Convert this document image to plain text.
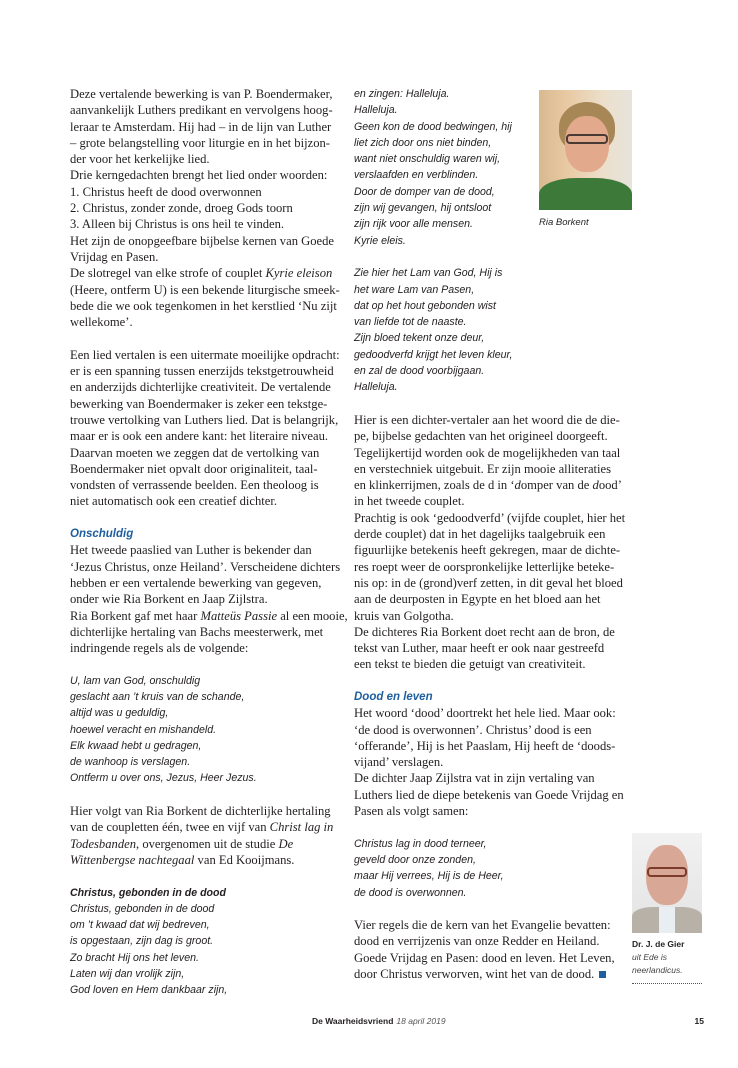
Deze vertalende bewerking is van P. Boendermaker,
aanvankelijk Luthers predikant en vervolgens hoog-
leraar te Amsterdam. Hij had – in de lijn van Luther
– grote belangstelling voor liturgie en in het bijzon-
der voor het kerkelijke lied.
Drie kerngedachten brengt het lied onder woorden:
1. Christus heeft de dood overwonnen
2. Christus, zonder zonde, droeg Gods toorn
3. Alleen bij Christus is ons heil te vinden.
Het zijn de onopgeefbare bijbelse kernen van Goede
Vrijdag en Pasen.
De slotregel van elke strofe of couplet Kyrie eleison
(Heere, ontferm U) is een bekende liturgische smeek-
bede die we ook tegenkomen in het kerstlied ‘Nu zijt
wellekome’.
Een lied vertalen is een uitermate moeilijke opdracht:
er is een spanning tussen enerzijds tekstgetrouwheid
en anderzijds dichterlijke creativiteit. De vertalende
bewerking van Boendermaker is zeker een tekstge-
trouwe vertolking van Luthers lied. Dat is belangrijk,
maar er is ook een andere kant: het literaire niveau.
Daarvan moeten we zeggen dat de vertolking van
Boendermaker niet opvalt door originaliteit, taal-
vondsten of verrassende beelden. Een theoloog is
niet automatisch ook een creatief dichter.
Onschuldig
Het tweede paaslied van Luther is bekender dan
‘Jezus Christus, onze Heiland’. Verscheidene dichters
hebben er een vertalende bewerking van gegeven,
onder wie Ria Borkent en Jaap Zijlstra.
Ria Borkent gaf met haar Matteüs Passie al een mooie,
dichterlijke hertaling van Bachs meesterwerk, met
indringende regels als de volgende:
U, lam van God, onschuldig
geslacht aan ’t kruis van de schande,
altijd was u geduldig,
hoewel veracht en mishandeld.
Elk kwaad hebt u gedragen,
de wanhoop is verslagen.
Ontferm u over ons, Jezus, Heer Jezus.
Hier volgt van Ria Borkent de dichterlijke hertaling
van de coupletten één, twee en vijf van Christ lag in
Todesbanden, overgenomen uit de studie De
Wittenbergse nachtegaal van Ed Kooijmans.
Christus, gebonden in de dood
Christus, gebonden in de dood
om ’t kwaad dat wij bedreven,
is opgestaan, zijn dag is groot.
Zo bracht Hij ons het leven.
Laten wij dan vrolijk zijn,
God loven en Hem dankbaar zijn,
en zingen: Halleluja.
Halleluja.
Geen kon de dood bedwingen, hij
liet zich door ons niet binden,
want niet onschuldig waren wij,
verslaafden en verblinden.
Door de domper van de dood,
zijn wij gevangen, hij ontsloot
zijn rijk voor alle mensen.
Kyrie eleis.
Zie hier het Lam van God, Hij is
het ware Lam van Pasen,
dat op het hout gebonden wist
van liefde tot de naaste.
Zijn bloed tekent onze deur,
gedoodverfd krijgt het leven kleur,
en zal de dood voorbijgaan.
Halleluja.
Hier is een dichter-vertaler aan het woord die de die-
pe, bijbelse gedachten van het origineel doorgeeft.
Tegelijkertijd worden ook de mogelijkheden van taal
en verstechniek uitgebuit. Er zijn mooie alliteraties
en klinkerrijmen, zoals de d in ‘domper van de dood’
in het tweede couplet.
Prachtig is ook ‘gedoodverfd’ (vijfde couplet, hier het
derde couplet) dat in het dagelijks taalgebruik een
figuurlijke betekenis heeft gekregen, maar de dichte-
res roept weer de oorspronkelijke letterlijke beteke-
nis op: in de (grond)verf zetten, in dit geval het bloed
aan de deurposten in Egypte en het bloed aan het
kruis van Golgotha.
De dichteres Ria Borkent doet recht aan de bron, de
tekst van Luther, maar heeft er ook naar gestreefd
een tekst te bieden die getuigt van creativiteit.
Dood en leven
Het woord ‘dood’ doortrekt het hele lied. Maar ook:
‘de dood is overwonnen’. Christus’ dood is een
‘offerande’, Hij is het Paaslam, Hij heeft de ‘doods-
vijand’ verslagen.
De dichter Jaap Zijlstra vat in zijn vertaling van
Luthers lied de diepe betekenis van Goede Vrijdag en
Pasen als volgt samen:
Christus lag in dood terneer,
geveld door onze zonden,
maar Hij verrees, Hij is de Heer,
de dood is overwonnen.
Vier regels die de kern van het Evangelie bevatten:
dood en verrijzenis van onze Redder en Heiland.
Goede Vrijdag en Pasen: dood en leven. Het Leven,
door Christus verworven, wint het van de dood.
Ria Borkent
Dr. J. de Gier
uit Ede is
neerlandicus.
De Waarheidsvriend 18 april 2019	15
